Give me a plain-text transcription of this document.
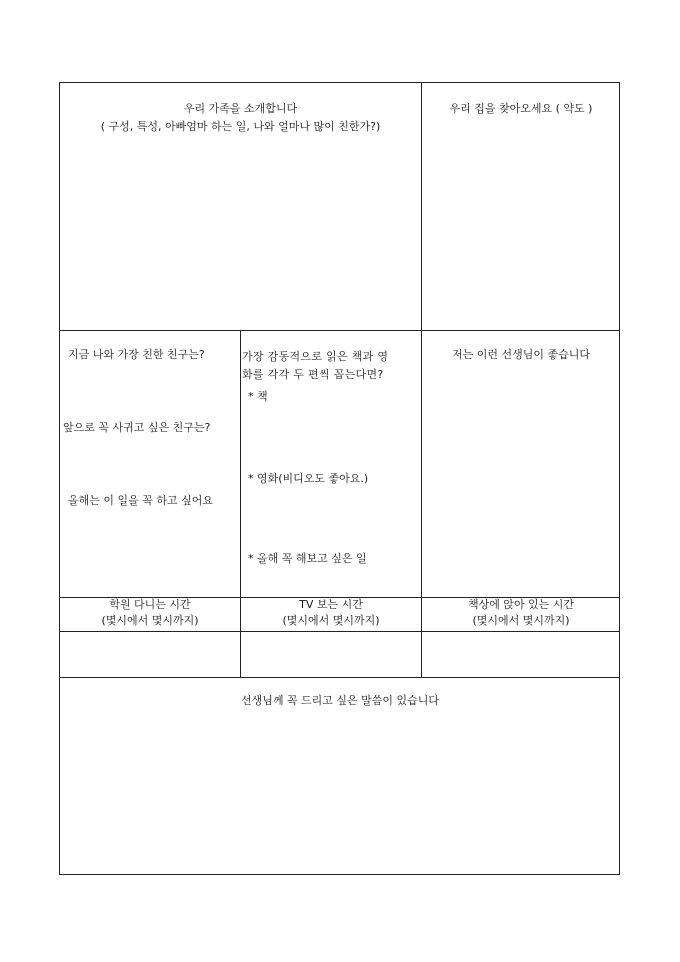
우리 가족을 소개합니다
( 구성, 특성, 아빠엄마 하는 일, 나와 얼마나 많이 친한가?)
우리 집을 찾아오세요 ( 약도 )
지금 나와 가장 친한 친구는?
앞으로 꼭 사귀고 싶은 친구는?
올해는 이 일을 꼭 하고 싶어요
가장 감동적으로 읽은 책과 영
화를 각각 두 편씩 꼽는다면?
* 책
* 영화(비디오도 좋아요.)
* 올해 꼭 해보고 싶은 일
저는 이런 선생님이 좋습니다
학원 다니는 시간
(몇시에서 몇시까지)
TV 보는 시간
(몇시에서 몇시까지)
책상에 앉아 있는 시간
(몇시에서 몇시까지)
선생님께 꼭 드리고 싶은 말씀이 있습니다
